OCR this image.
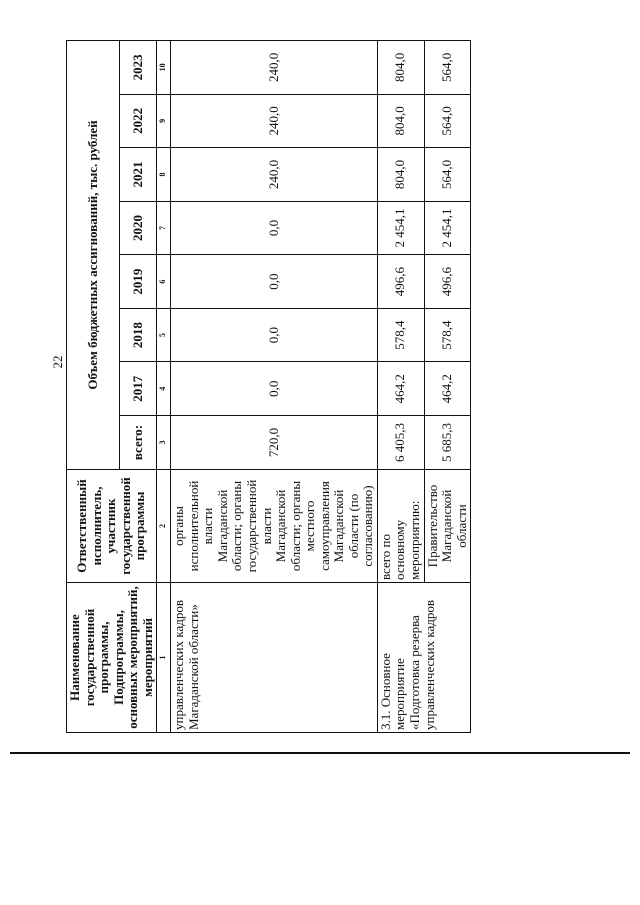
22
Наименование государственной программы, Подпрограммы, основных мероприятий, мероприятий	Ответственный исполнитель, участник государственной программы	Объем бюджетных ассигнований, тыс. рублей							
		всего:	2017	2018	2019	2020	2021	2022	2023
1	2	3	4	5	6	7	8	9	10
управленческих кадров Магаданской области»	органы исполнительной власти Магаданской области; органы государственной власти Магаданской области; органы местного самоуправления Магаданской области (по согласованию)	720,0	0,0	0,0	0,0	0,0	240,0	240,0	240,0
3.1. Основное мероприятие «Подготовка резерва управленческих кадров	всего по основному мероприятию:	6 405,3	464,2	578,4	496,6	2 454,1	804,0	804,0	804,0
	Правительство Магаданской области	5 685,3	464,2	578,4	496,6	2 454,1	564,0	564,0	564,0
